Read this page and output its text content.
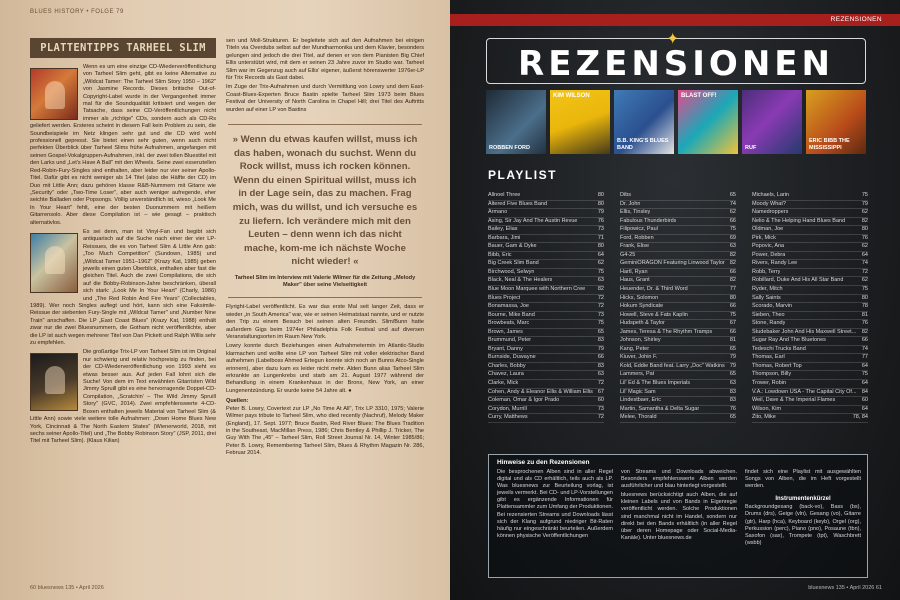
BLUES HISTORY • FOLGE 79
PLATTENTIPPS TARHEEL SLIM

Wenn es um eine einzige CD-Wiederveröffentlichung von Tarheel Slim geht, gibt es keine Alternative zu „Wildcat Tamer: The Tarheel Slim Story 1950 – 1962" von Jasmine Records. Dieses britische Out-of-Copyright-Label wurde in der Vergangenheit immer mal für die Soundqualität kritisiert und wegen der Tatsache, dass seine CD-Veröffentlichungen nicht immer als „richtige" CDs, sondern auch als CD-Rs geliefert werden. Ersteres scheint in diesem Fall kein Problem zu sein, die Soundbeispiele im Netz klingen sehr gut und die CD wird wohl professionell gepresst. Sie bietet einen sehr guten, wenn auch nicht perfekten Überblick über Tarheel Slims frühe Aufnahmen, angefangen mit seinen Gospel-Vokalgruppen-Aufnahmen, inkl. der zwei tollen Bluestitel mit den Larks und „Let's Have A Ball" mit den Wheels. Seine zwei essenziellen Red-Robin-Fury-Singles sind enthalten, aber leider nur vier seiner Apollo-Titel. Dafür gibt es nicht weniger als 14 Titel (also die Hälfte der CD) im Duo mit Little Ann; dazu gehören klasse R&B-Nummern mit Gitarre wie „Security" oder „Two-Time Loser", aber auch weniger aufregende, eher seichte Balladen oder Popsongs. Völlig unverständlich ist, wieso „Look Me In Your Heart" fehlt, eine der besten Duonummern mit heißem Gitarrensolo. Aber diese Compilation ist – wie gesagt – praktisch alternativlos.

Es sei denn, man ist Vinyl-Fan und begibt sich antiquarisch auf die Suche nach einer der vier LP-Reissues, die es von Tarheel Slim & Little Ann gab: „Too Much Competition" (Sundown, 1985) und „Wildcat Tamer 1951–1962" (Krazy Kat, 1985) geben jeweils einen guten Überblick, enthalten aber fast die gleichen Titel. Auch die zwei Compilations, die sich auf die Bobby-Robinson-Jahre beschränken, überall sich stark: „Look Me In Your Heart" (Charly, 1986) und „The Red Robin And Fire Years" (Collectables, 1989). Wer noch Singles auflegt und hört, kann sich eine Faksimile-Reissue der siebenten Fury-Single mit „Wildcat Tamer" und „Number Nine Train" anschaffen. Die LP „East Coast Blues" (Krazy Kat, 1988) enthält zwar nur die zwei Bluesnummern, die Gotham nicht veröffentlichte, aber die LP ist auch wegen mehrerer Titel von Dan Pickett und Ralph Willis sehr zu empfehlen.

Die großartige Trix-LP von Tarheel Slim ist im Original nur schwierig und relativ hochpreisig zu finden, bei der CD-Wiederveröffentlichung von 1993 sieht es etwas besser aus. Auf jeden Fall lohnt sich die Suche! Von dem im Text erwähnten Gitarristen Wild Jimmy Spruill gibt es eine hervorragende Doppel-CD-Compilation, „Scratchin' – The Wild Jimmy Spruill Story" (GVC, 2014). Zwei empfehlenswerte 4-CD-Boxen enthalten jeweils Material von Tarheel Slim (& Little Ann) sowie viele weitere tolle Aufnahmen: „Down Home Blues New York, Cincinnati & The North Eastern States" (Wienerworld, 2018, mit sechs seiner Apollo-Titel) und „The Bobby Robinson Story" (JSP, 2011, drei Titel mit Tarheel Slim). (Klaus Kilian)

sen und Moll-Strukturen. Er begleitete sich auf den Aufnahmen bei einigen Titeln via Overdubs selbst auf der Mundharmonika und dem Klavier, besonders gelungen sind jedoch die drei Titel, auf denen er von dem Pianisten Big Chief Ellis unterstützt wird, mit dem er seinen 23 Jahre zuvor im Studio war. Tarheel Slim war im Gegenzug auch auf Ellis' eigener, äußerst hörenswerter 1976er-LP für Trix Records als Gast dabei.

Im Zuge der Trix-Aufnahmen und durch Vermittlung von Lowry und dem East-Coast-Blues-Experten Bruce Bastin spielte Tarheel Slim 1973 beim Blues Festival der University of North Carolina in Chapel Hill; drei Titel des Auftritts wurden auf einer LP von Bastins

» Wenn du etwas kaufen willst, muss ich das haben, wonach du suchst. Wenn du Rock willst, muss ich rocken können. Wenn du einen Spiritual willst, muss ich in der Lage sein, das zu machen. Frag mich, was du willst, und ich versuche es zu liefern. Ich verändere mich mit den Leuten – denn wenn ich das nicht mache, kom-me ich nächste Woche nicht wieder! «
Tarheel Slim im Interview mit Valerie Wilmer für die Zeitung „Melody Maker" über seine Vielseitigkeit

Flyright-Label veröffentlicht. Es war das erste Mal seit langer Zeit, dass er wieder „in South America" war, wie er seinen Heimatstaat nannte, und er nutzte den Trip zu einem Besuch bei seinen alten Freundin. Slim/Bunn hatte außerdem Gigs beim 1974er Philadelphia Folk Festival und auf diversen Veranstaltungsorten im Raum New York.

Lowry konnte durch Beziehungen einen Aufnahmetermin im Atlantic-Studio klarmachen und wollte eine LP von Tarheel Slim mit voller elektrischer Band aufnehmen (Labelboss Ahmed Ertegun konnte sich noch an Bunns Atco-Single erinnern), aber dazu kam es leider nicht mehr. Alden Bunn alias Tarheel Slim erkrankte an Lungenkrebs und starb am 21. August 1977 während der Behandlung in einem Krankenhaus in der Bronx, New York, an einer Lungenentzündung. Er wurde keine 54 Jahre alt. ●

Quellen:

Peter B. Lowry, Covertext zur LP „No Time At All", Trix LP 3310, 1975; Valerie Wilmer pays tribute to Tarheel Slim, who died recently (Nachruf), Melody Maker (England), 17. Sept. 1977; Bruce Bastin, Red River Blues: The Blues Tradition in the Southeast, MacMillan Press, 1986; Chris Bentley & Phillip J. Tricker, The Guy With The „45" – Tarheel Slim, Roll Street Journal Nr. 14, Winter 1985/86; Peter B. Lowry, Remembering Tarheel Slim, Blues & Rhythm Magazin Nr. 286, Februar 2014.

60 bluesnews 135 • April 2026
REZENSIONEN
✦
REZENSIONEN
ROBBEN FORD
KIM WILSON
B.B. KING'S BLUES BAND
BLAST OFF!
RUF
ERIC BIBB THE MISSISSIPPI
PLAYLIST
Allnoel Three	80
Altered Five Blues Band	80
Armano	79
Asing, Sir Jay And The Austin Revue	76
Bailey, Elias	73
Barbara, Jimi	71
Bauer, Gam & Dyke	80
Bibb, Eric	64
Big Creek Slim Band	62
Birchwood, Selwyn	75
Black, Neal & The Healers	63
Blue Moon Marquee with Northern Cree	82
Blues Project	72
Bonamassa, Joe	72
Bourne, Mike Band	73
Browbeats, Marc	75
Brown, James	65
Brummund, Peter	83
Bryant, Danny	79
Burnside, Duwayne	66
Charles, Bobby	83
Chavez, Laura	63
Clarke, Mick	72
Cohen, Andy & Eleanor Ellis & William Ellis 67
Coleman, Omar & Igor Prado	60
Corydon, Murrill	73
Curry, Matthews	72
Dibs	65
Dr. John	74
Ellis, Tinsley	62
Fabulous Thunderbirds	66
Filipowicz, Paul	75
Ford, Robben	69
Frank, Elise	63
G4-25	82
GeminiORAGON Featuring Linwood Taylor 82
Hartl, Ryan	66
Haus, Grant	82
Heuender, Dr. & Third Word	77
Hicks, Solomon	80
Hokum Syndicate	66
Howell, Steve & Fats Kaplin	75
Hudspeth & Taylor	67
James, Teresa & The Rhythm Tramps	66
Johnson, Shirley	81
Kang, Peter	65
Kiuver, Johin F.	79
Kold, Eddie Band feat. Larry „Doc" Watkins 79
Lammers, Pat	65
Lil' Ed & The Blues Imperials	63
Lil' Magic Sam	83
Lindestbaer, Eric	83
Martin, Samantha & Delta Sugar	76
Melee, Thorald	65
Michaels, Larin	75
Moody What?	79
Namedroppers	62
Nelio & The Helping Hand Blues Band	82
Oldman, Joe	80
Pirk, Mick	76
Popovic, Ana	62
Power, Debra	64
Rivers, Randy Lee	74
Robb, Terry	72
Robillard, Duke And His All Star Band	62
Ryder, Mitch	75
Sally Saints	80
Scorado, Marvin	78
Sieben, Theo	81
Stone, Randy	76
Studebaker John And His Maxwell Street...	82
Sugar Ray And The Bluetones	66
Tedeschi Trucks Band	74
Thomas, Earl	77
Thomas, Robert Top	64
Thompson, Billy	75
Trower, Robin	64
V.A.: Lowdown USA - The Capital City Of... 84
Weil, Dave & The Imperial Flames	60
Wilson, Kim	64
Zito, Mike	78, 84
Hinweise zu den Rezensionen

Die besprochenen Alben sind in aller Regel digital und als CD erhältlich, teils auch als LP. Was bluesnews zur Beurteilung vorlag, ist jeweils vermerkt. Bei CD- und LP-Vorstellungen gibt es ergänzende Informationen für Plattensammler zum Umfang der Produktionen. Bei rezensierten Streams und Downloads lässt sich der Klang aufgrund niedriger Bit-Raten häufig nur eingeschränkt beurteilen. Außerdem können physische Veröffentlichungen

von Streams und Downloads abweichen. Besonders empfehlenswerte Alben werden ausführlicher und blau hinterlegt vorgestellt.

bluesnews berücksichtigt auch Alben, die auf kleinen Labels und von Bands in Eigenregie veröffentlicht werden. Solche Produktionen sind manchmal nicht im Handel, sondern nur direkt bei den Bands erhältlich (in aller Regel über deren Homepage oder Social-Media-Kanäle). Unter bluesnews.de

findet sich eine Playlist mit ausgewählten Songs von Alben, die im Heft vorgestellt werden.

Instrumentenkürzel

Backgroundgesang (back-vo), Bass (bs), Drums (drs), Geige (vln), Gesang (vo), Gitarre (gtr), Harp (hca), Keyboard (keyb), Orgel (org), Perkussion (perc), Piano (pno), Posaune (tbn), Saxofon (sax), Trompete (tpt), Waschbrett (wsbb)

bluesnews 135 • April 2026 61
